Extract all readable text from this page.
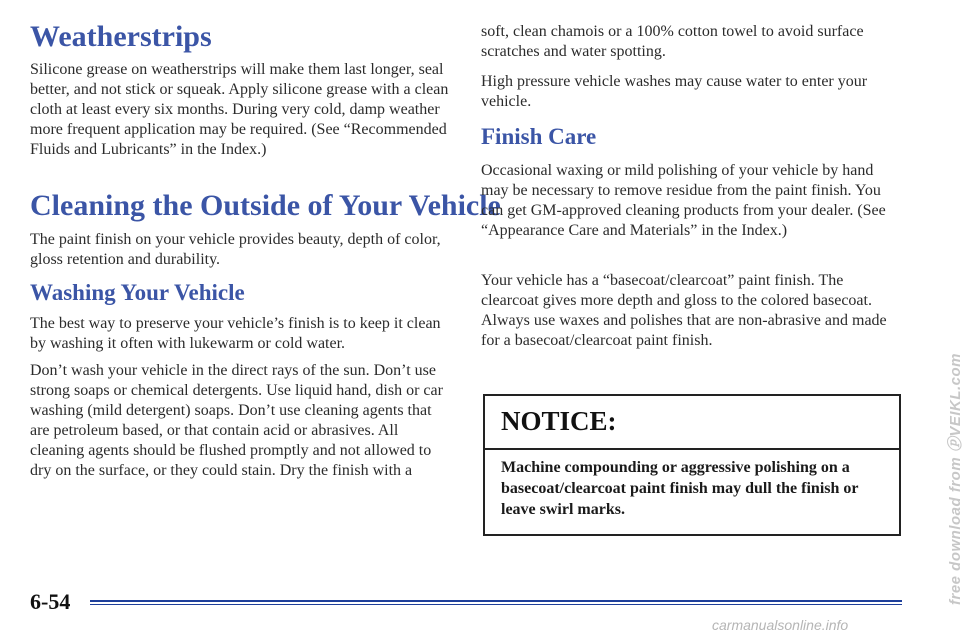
Weatherstrips

Silicone grease on weatherstrips will make them last longer, seal better, and not stick or squeak. Apply silicone grease with a clean cloth at least every six months. During very cold, damp weather more frequent application may be required. (See “Recommended Fluids and Lubricants” in the Index.)

Cleaning the Outside of Your Vehicle

The paint finish on your vehicle provides beauty, depth of color, gloss retention and durability.

Washing Your Vehicle

The best way to preserve your vehicle’s finish is to keep it clean by washing it often with lukewarm or cold water.

Don’t wash your vehicle in the direct rays of the sun. Don’t use strong soaps or chemical detergents. Use liquid hand, dish or car washing (mild detergent) soaps. Don’t use cleaning agents that are petroleum based, or that contain acid or abrasives. All cleaning agents should be flushed promptly and not allowed to dry on the surface, or they could stain. Dry the finish with a

soft, clean chamois or a 100% cotton towel to avoid surface scratches and water spotting.

High pressure vehicle washes may cause water to enter your vehicle.

Finish Care

Occasional waxing or mild polishing of your vehicle by hand may be necessary to remove residue from the paint finish. You can get GM-approved cleaning products from your dealer. (See “Appearance Care and Materials” in the Index.)

Your vehicle has a “basecoat/clearcoat” paint finish. The clearcoat gives more depth and gloss to the colored basecoat. Always use waxes and polishes that are non-abrasive and made for a basecoat/clearcoat paint finish.

NOTICE:

Machine compounding or aggressive polishing on a basecoat/clearcoat paint finish may dull the finish or leave swirl marks.

6-54	free download from ⓟVEIKL.com
carmanualsonline.info
